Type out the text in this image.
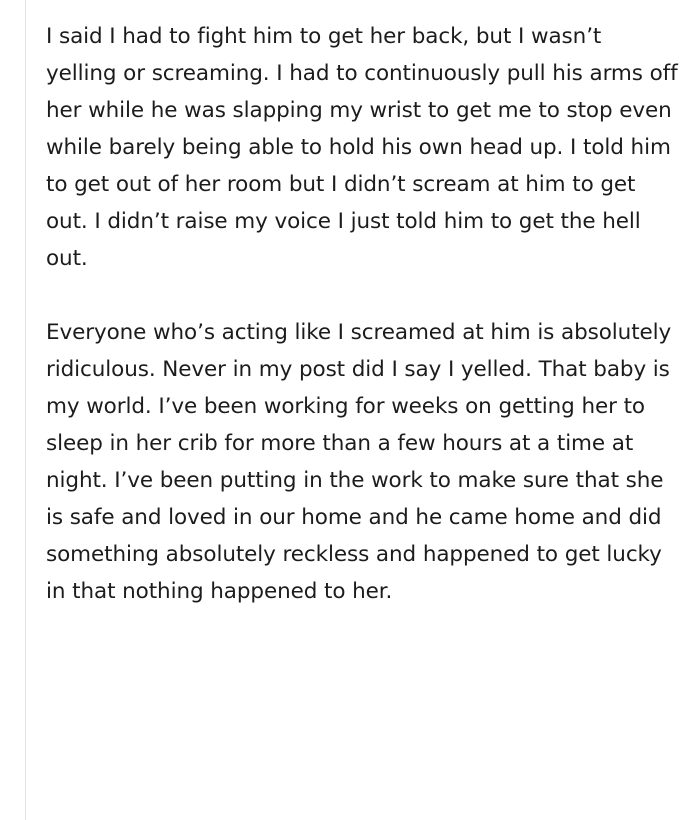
I said I had to fight him to get her back, but I wasn’t yelling or screaming. I had to continuously pull his arms off her while he was slapping my wrist to get me to stop even while barely being able to hold his own head up. I told him to get out of her room but I didn’t scream at him to get out. I didn’t raise my voice I just told him to get the hell out.

Everyone who’s acting like I screamed at him is absolutely ridiculous. Never in my post did I say I yelled. That baby is my world. I’ve been working for weeks on getting her to sleep in her crib for more than a few hours at a time at night. I’ve been putting in the work to make sure that she is safe and loved in our home and he came home and did something absolutely reckless and happened to get lucky in that nothing happened to her.
